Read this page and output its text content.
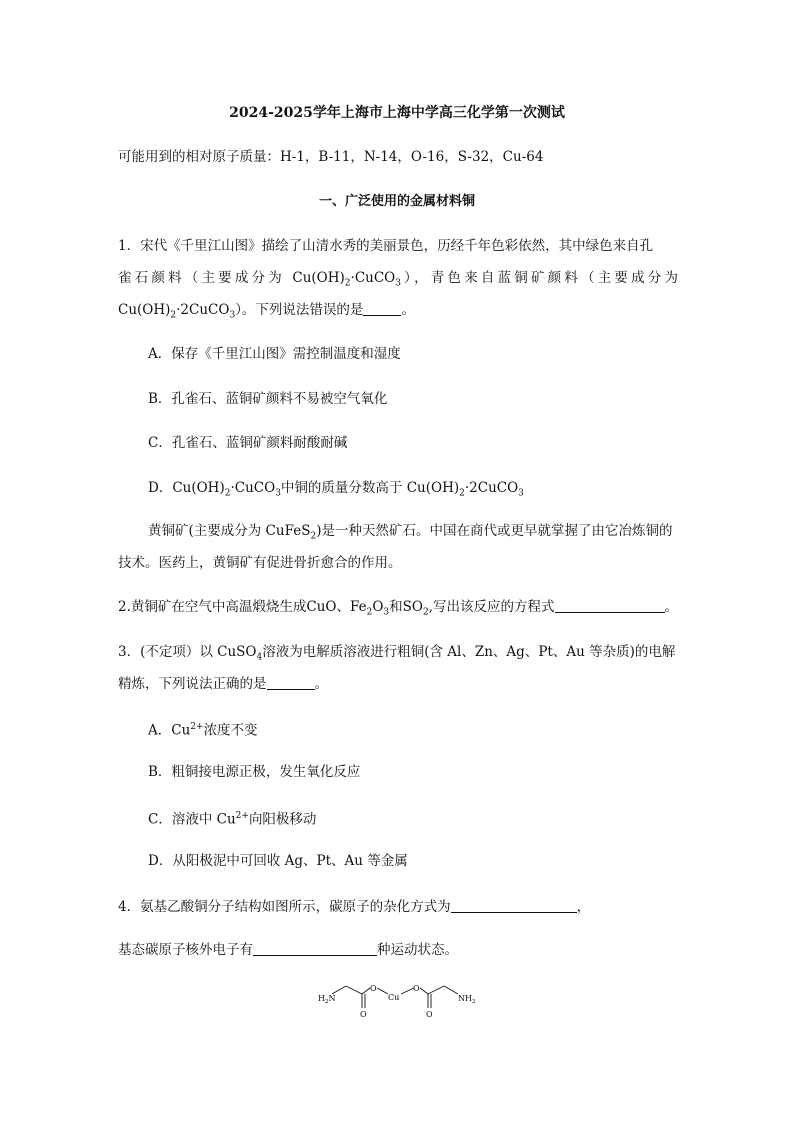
2024-2025学年上海市上海中学高三化学第一次测试
可能用到的相对原子质量：H-1，B-11，N-14，O-16，S-32，Cu-64
一、广泛使用的金属材料铜
1．宋代《千里江山图》描绘了山清水秀的美丽景色，历经千年色彩依然，其中绿色来自孔
雀石颜料（主要成分为 $Cu(OH)_2\cdot CuCO_3$），青色来自蓝铜矿颜料（主要成分为
$Cu(OH)_2\cdot 2CuCO_3$）。下列说法错误的是	。
A．保存《千里江山图》需控制温度和湿度
B．孔雀石、蓝铜矿颜料不易被空气氧化
C．孔雀石、蓝铜矿颜料耐酸耐碱
D．$Cu(OH)_2\cdot CuCO_3$中铜的质量分数高于 $Cu(OH)_2\cdot 2CuCO_3$
黄铜矿(主要成分为 CuFeS$_2$)是一种天然矿石。中国在商代或更早就掌握了由它冶炼铜的
技术。医药上，黄铜矿有促进骨折愈合的作用。
2.黄铜矿在空气中高温煅烧生成CuO、$Fe_2O_3$和$SO_2$,写出该反应的方程式	。
3．(不定项）以 CuSO$_4$溶液为电解质溶液进行粗铜(含 Al、Zn、Ag、Pt、Au 等杂质)的电解
精炼，下列说法正确的是	。
A．$Cu^{2+}$浓度不变
B．粗铜接电源正极，发生氧化反应
C．溶液中 $Cu^{2+}$向阳极移动
D．从阳极泥中可回收 Ag、Pt、Au 等金属
4．氨基乙酸铜分子结构如图所示，碳原子的杂化方式为	，
基态碳原子核外电子有	种运动状态。
$H_2N$
O
O
Cu
O
O
$NH_2$
